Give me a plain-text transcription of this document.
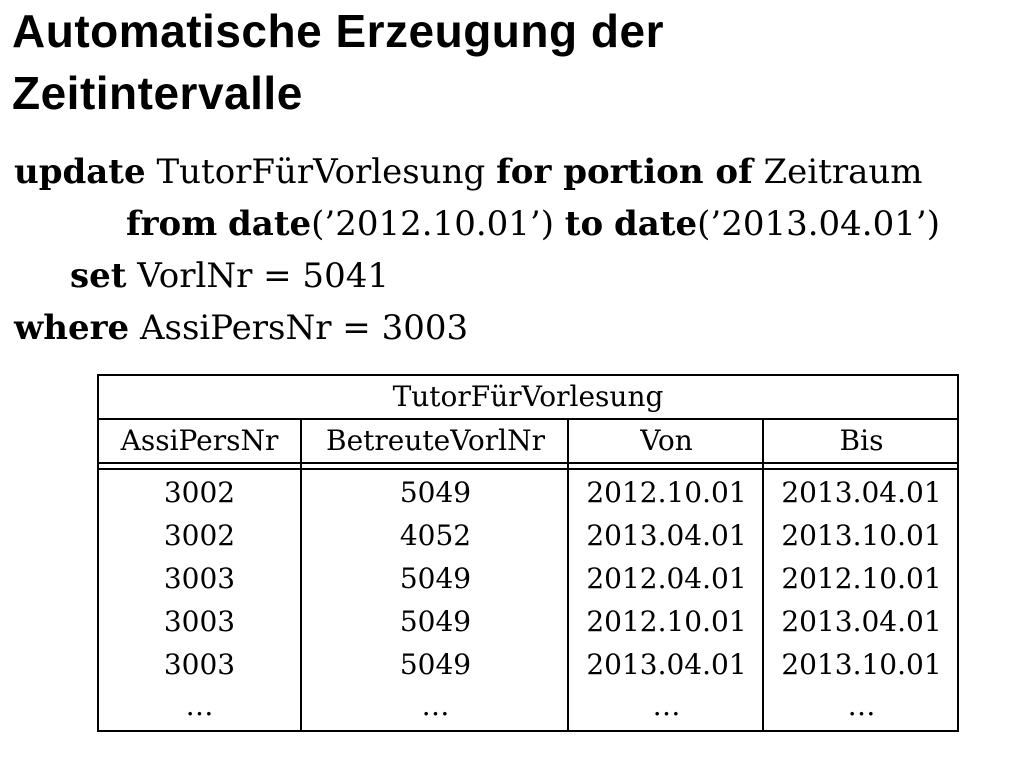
Automatische Erzeugung der
Zeitintervalle
update TutorFürVorlesung for portion of Zeitraum
from date(’2012.10.01’) to date(’2013.04.01’)
set VorlNr = 5041
where AssiPersNr = 3003
TutorFürVorlesung
AssiPersNr	BetreuteVorlNr	Von	Bis
3002	5049	2012.10.01	2013.04.01
3002	4052	2013.04.01	2013.10.01
3003	5049	2012.04.01	2012.10.01
3003	5049	2012.10.01	2013.04.01
3003	5049	2013.04.01	2013.10.01
…	…	…	…
